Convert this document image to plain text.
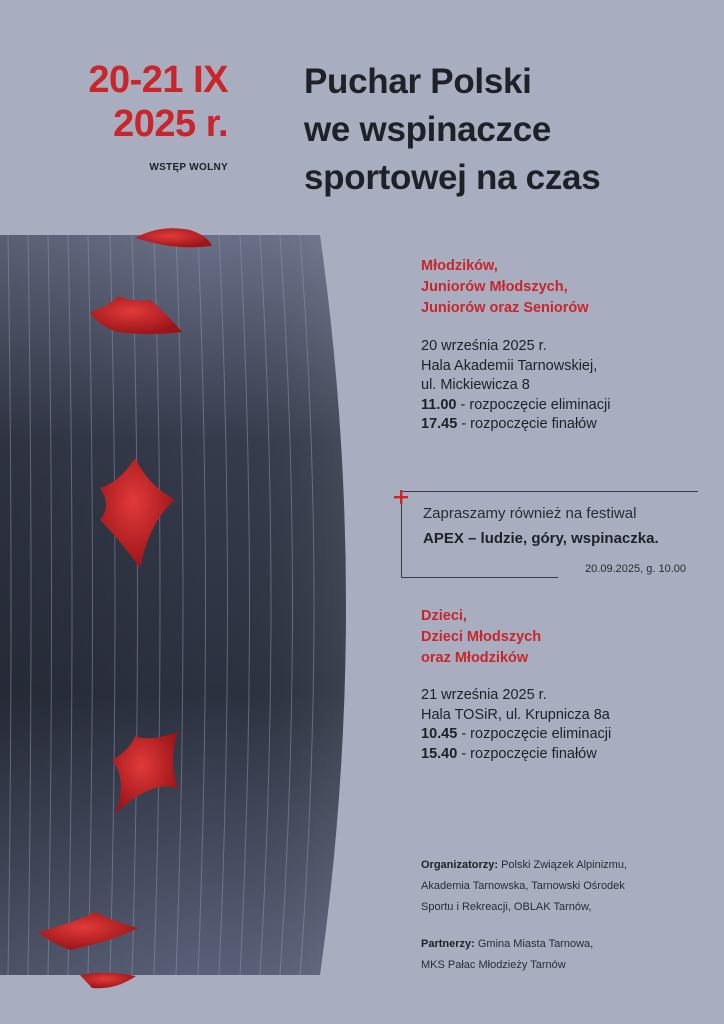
20-21 IX
2025 r.
WSTĘP WOLNY
Puchar Polski
we wspinaczce
sportowej na czas
Młodzików,
Juniorów Młodszych,
Juniorów oraz Seniorów
20 września 2025 r.
Hala Akademii Tarnowskiej,
ul. Mickiewicza 8
11.00 - rozpoczęcie eliminacji
17.45 - rozpoczęcie finałów
Zapraszamy również na festiwal
APEX – ludzie, góry, wspinaczka.
20.09.2025, g. 10.00
Dzieci,
Dzieci Młodszych
oraz Młodzików
21 września 2025 r.
Hala TOSiR, ul. Krupnicza 8a
10.45 - rozpoczęcie eliminacji
15.40 - rozpoczęcie finałów
Organizatorzy: Polski Związek Alpinizmu,
Akademia Tarnowska, Tarnowski Ośrodek
Sportu i Rekreacji, OBLAK Tarnów,
Partnerzy: Gmina Miasta Tarnowa,
MKS Pałac Młodzieży Tarnów
